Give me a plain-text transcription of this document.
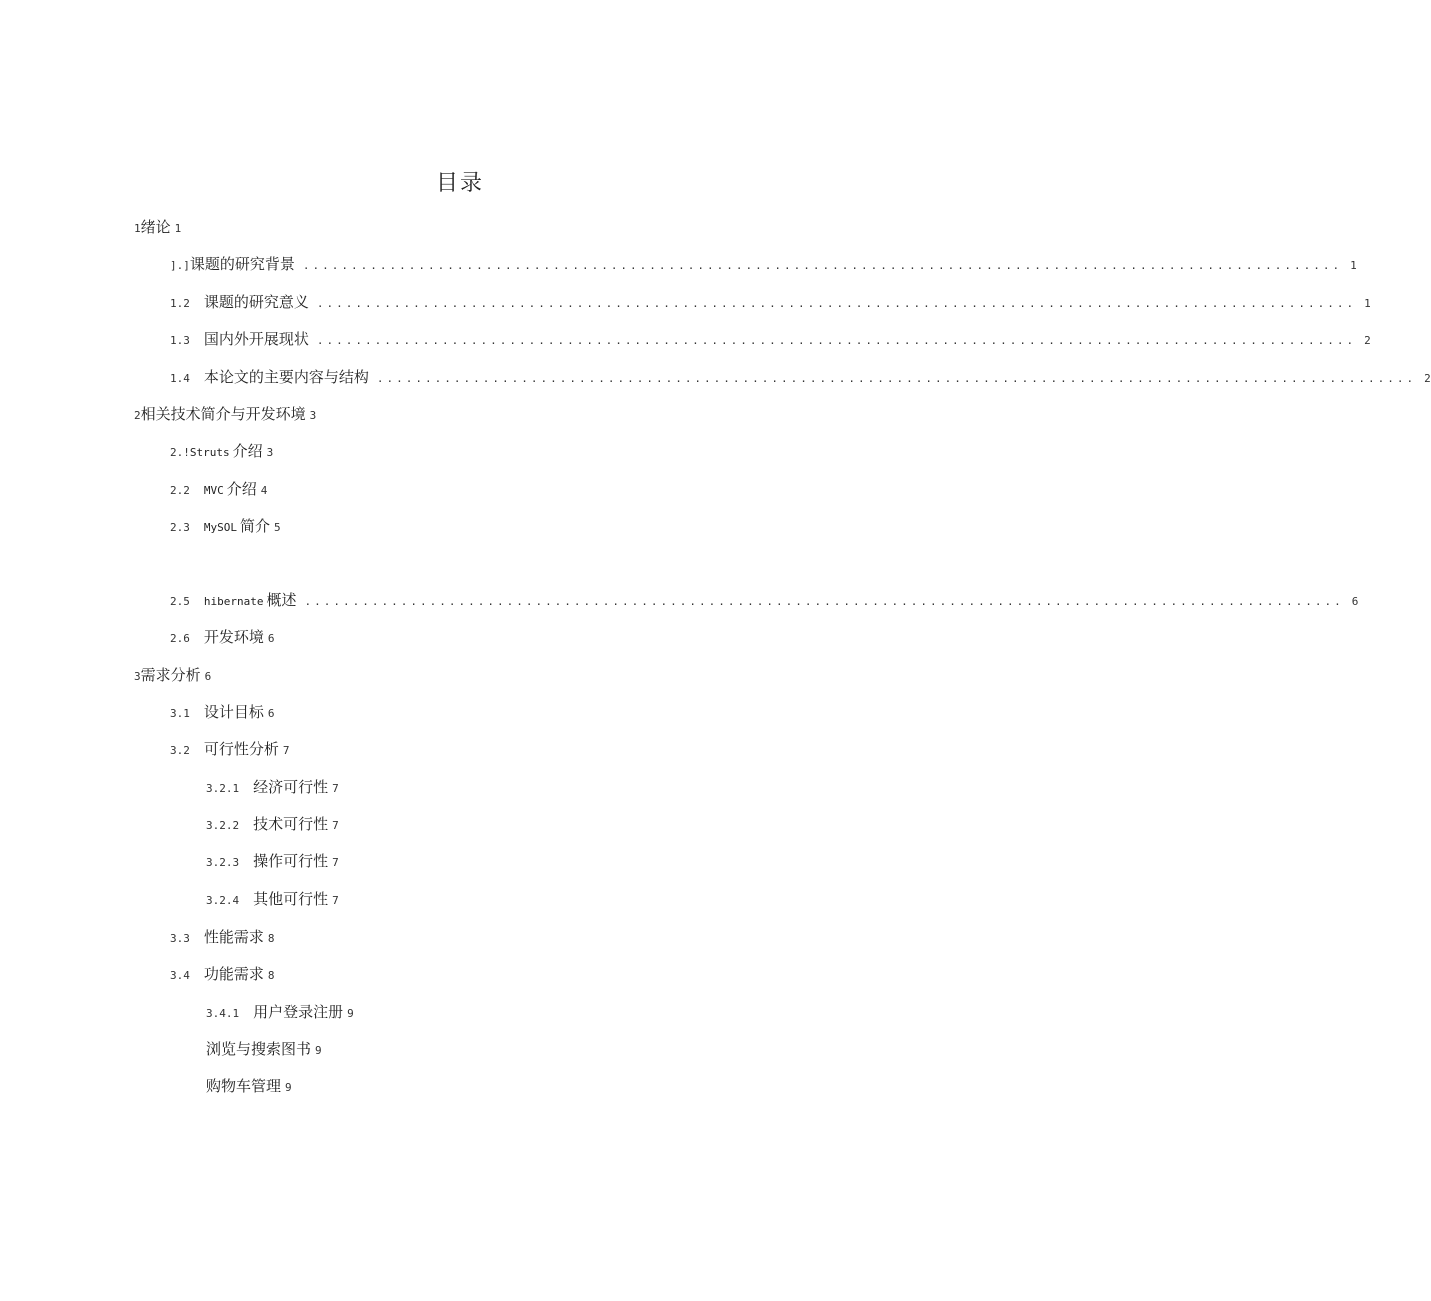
目录
1 绪论 1
].] 课题的研究背景 ............................................................................................................ 1
1.2 课题的研究意义 ............................................................................................................ 1
1.3 国内外开展现状 ............................................................................................................ 2
1.4 本论文的主要内容与结构 ............................................................................................................ 2
2 相关技术简介与开发环境 3
2.! Struts 介绍 3
2.2 MVC 介绍 4
2.3 MySOL 简介 5
2.5 hibernate 概述 ............................................................................................................ 6
2.6 开发环境 6
3 需求分析 6
3.1 设计目标 6
3.2 可行性分析 7
3.2.1 经济可行性 7
3.2.2 技术可行性 7
3.2.3 操作可行性 7
3.2.4 其他可行性 7
3.3 性能需求 8
3.4 功能需求 8
3.4.1 用户登录注册 9
浏览与搜索图书 9
购物车管理 9
